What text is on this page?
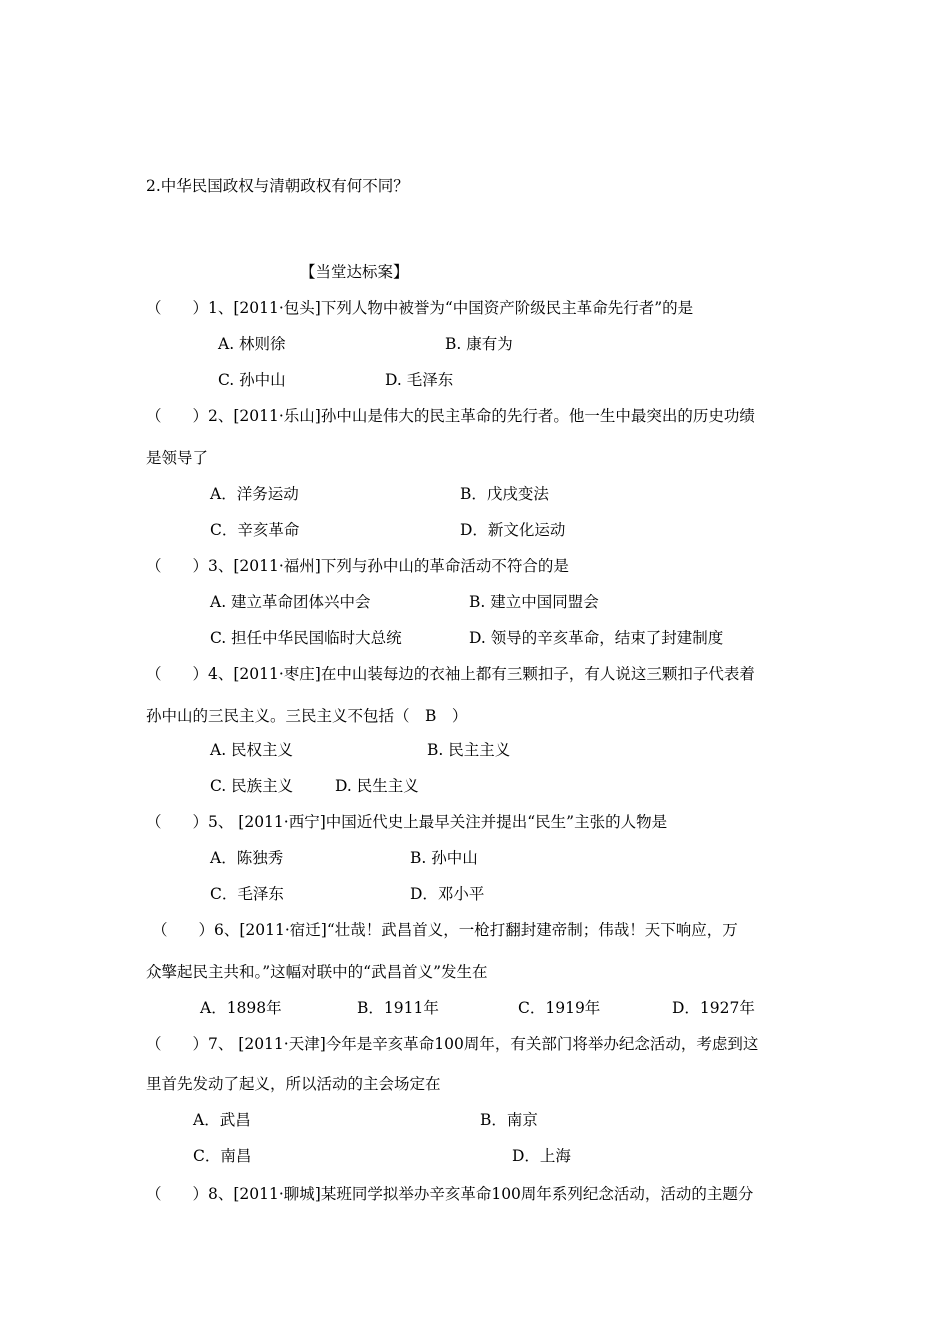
2.中华民国政权与清朝政权有何不同？
【当堂达标案】
（　　）1、[2011·包头]下列人物中被誉为“中国资产阶级民主革命先行者”的是
A. 林则徐	B. 康有为
C. 孙中山	D. 毛泽东
（　　）2、[2011·乐山]孙中山是伟大的民主革命的先行者。他一生中最突出的历史功绩
是领导了
A．洋务运动	B．戊戌变法
C．辛亥革命	D．新文化运动
（　　）3、[2011·福州]下列与孙中山的革命活动不符合的是
A. 建立革命团体兴中会	B. 建立中国同盟会
C. 担任中华民国临时大总统	D. 领导的辛亥革命，结束了封建制度
（　　）4、[2011·枣庄]在中山装每边的衣袖上都有三颗扣子，有人说这三颗扣子代表着
孙中山的三民主义。三民主义不包括（　B　）
A. 民权主义	B. 民主主义
C. 民族主义	D. 民生主义
（　　）5、 [2011·西宁]中国近代史上最早关注并提出“民生”主张的人物是
A．陈独秀	B. 孙中山
C．毛泽东	D．邓小平
（　　）6、[2011·宿迁]“壮哉！武昌首义，一枪打翻封建帝制；伟哉！天下响应，万
众擎起民主共和。”这幅对联中的“武昌首义”发生在
A．1898年	B．1911年	C．1919年	D．1927年
（　　）7、 [2011·天津]今年是辛亥革命100周年，有关部门将举办纪念活动，考虑到这
里首先发动了起义，所以活动的主会场定在
A．武昌	B．南京
C．南昌	D．上海
（　　）8、[2011·聊城]某班同学拟举办辛亥革命100周年系列纪念活动，活动的主题分
